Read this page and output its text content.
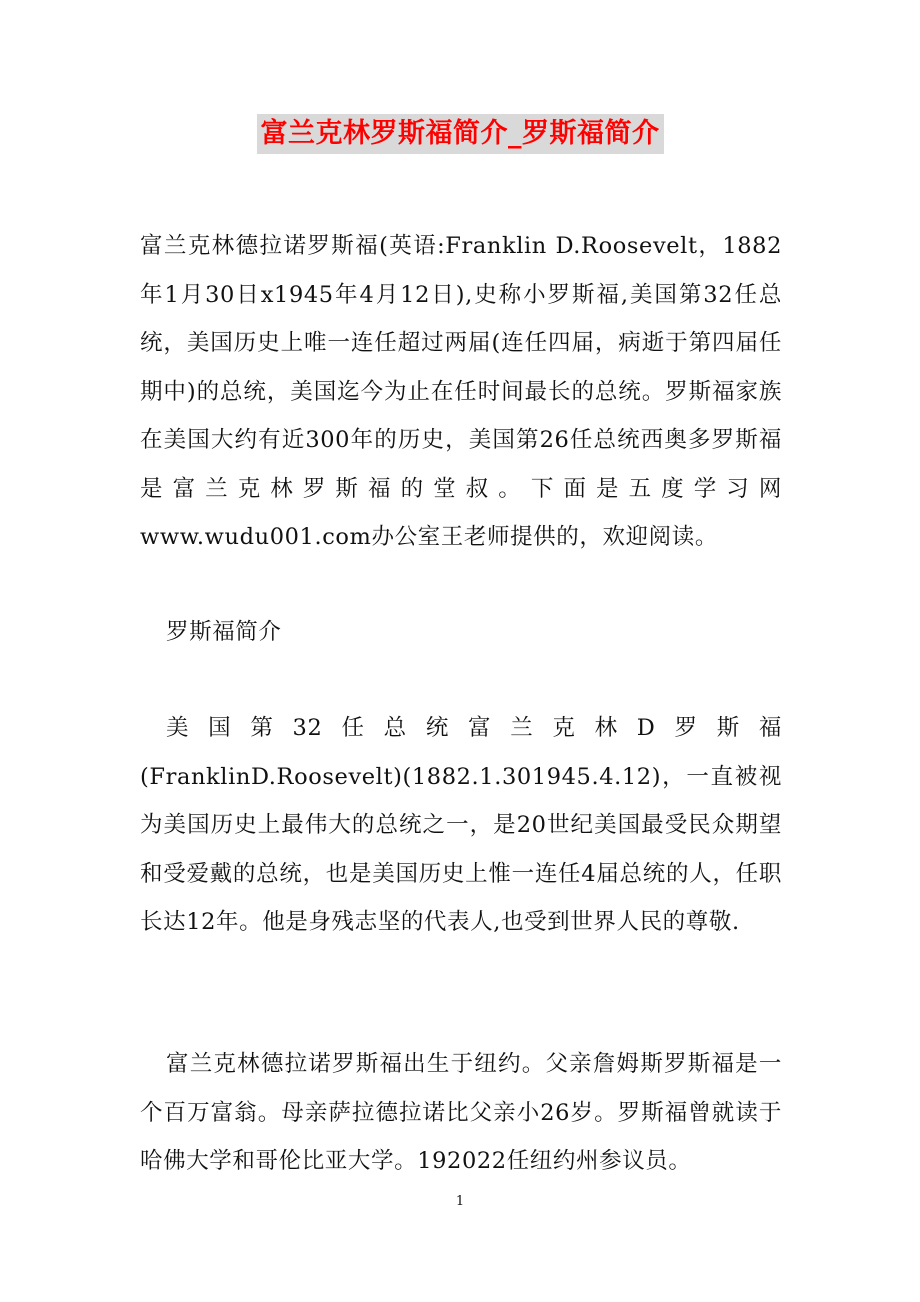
富兰克林罗斯福简介_罗斯福简介
富兰克林德拉诺罗斯福(英语:Franklin D.Roosevelt，1882年1月30日x1945年4月12日),史称小罗斯福,美国第32任总统，美国历史上唯一连任超过两届(连任四届，病逝于第四届任期中)的总统，美国迄今为止在任时间最长的总统。罗斯福家族在美国大约有近300年的历史，美国第26任总统西奥多罗斯福是富兰克林罗斯福的堂叔。下面是五度学习网www.wudu001.com办公室王老师提供的，欢迎阅读。
罗斯福简介
美国第32任总统富兰克林D罗斯福
(FranklinD.Roosevelt)(1882.1.301945.4.12)，一直被视为美国历史上最伟大的总统之一，是20世纪美国最受民众期望和受爱戴的总统，也是美国历史上惟一连任4届总统的人，任职长达12年。他是身残志坚的代表人,也受到世界人民的尊敬.
富兰克林德拉诺罗斯福出生于纽约。父亲詹姆斯罗斯福是一个百万富翁。母亲萨拉德拉诺比父亲小26岁。罗斯福曾就读于哈佛大学和哥伦比亚大学。192022任纽约州参议员。
1
